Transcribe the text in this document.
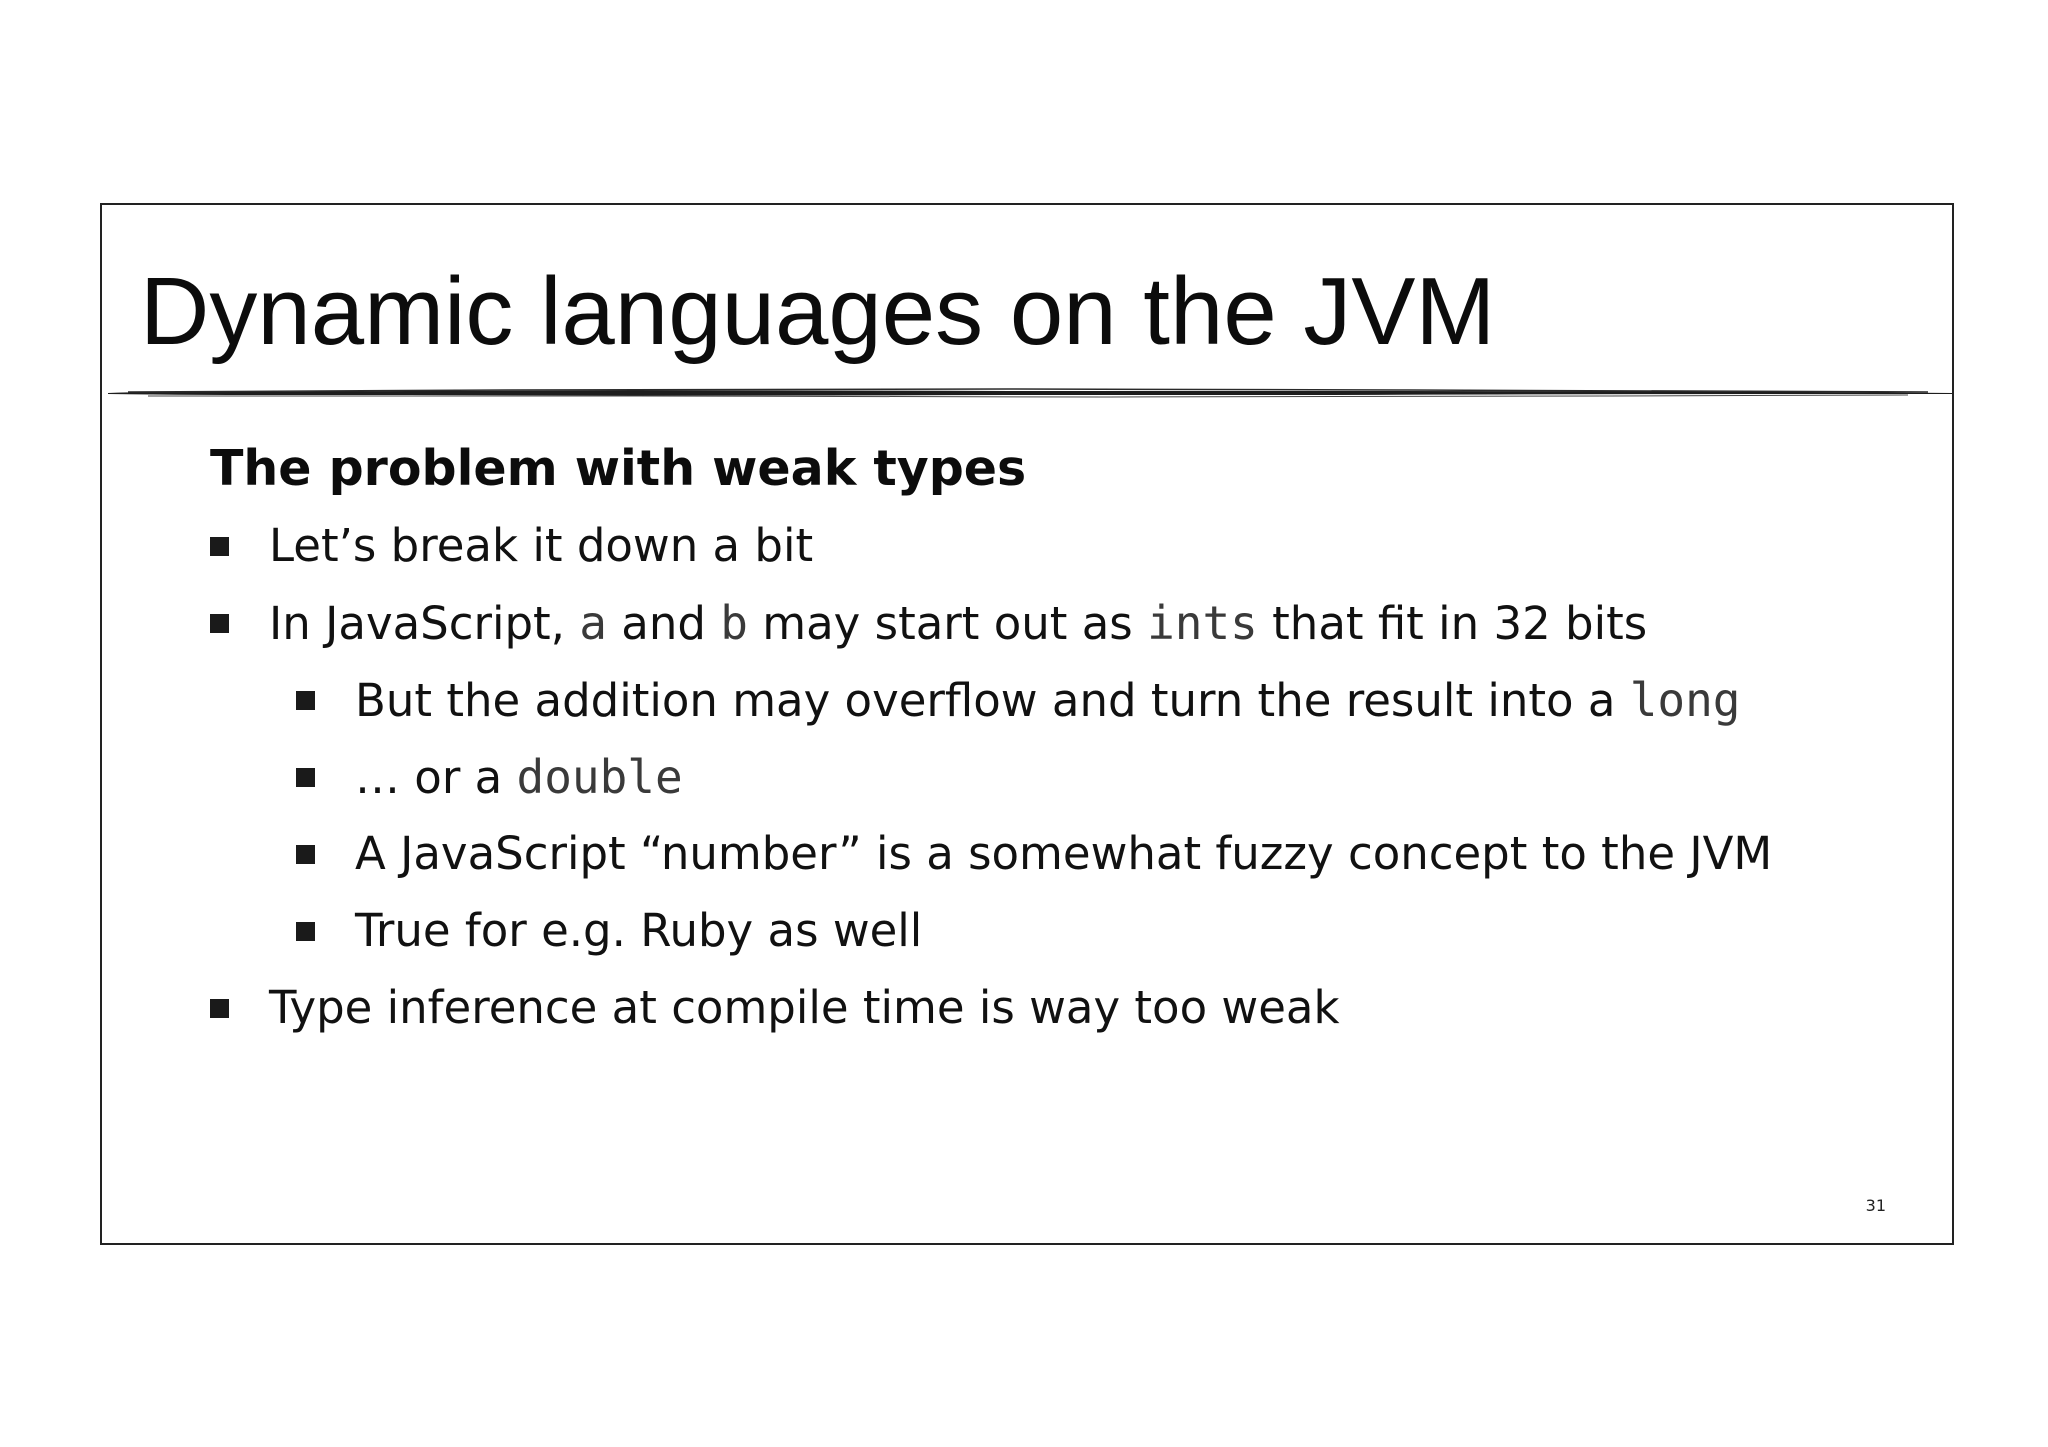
Dynamic languages on the JVM
The problem with weak types
Let’s break it down a bit
In JavaScript, a and b may start out as ints that fit in 32 bits
But the addition may overflow and turn the result into a long
… or a double
A JavaScript “number” is a somewhat fuzzy concept to the JVM
True for e.g. Ruby as well
Type inference at compile time is way too weak
31
